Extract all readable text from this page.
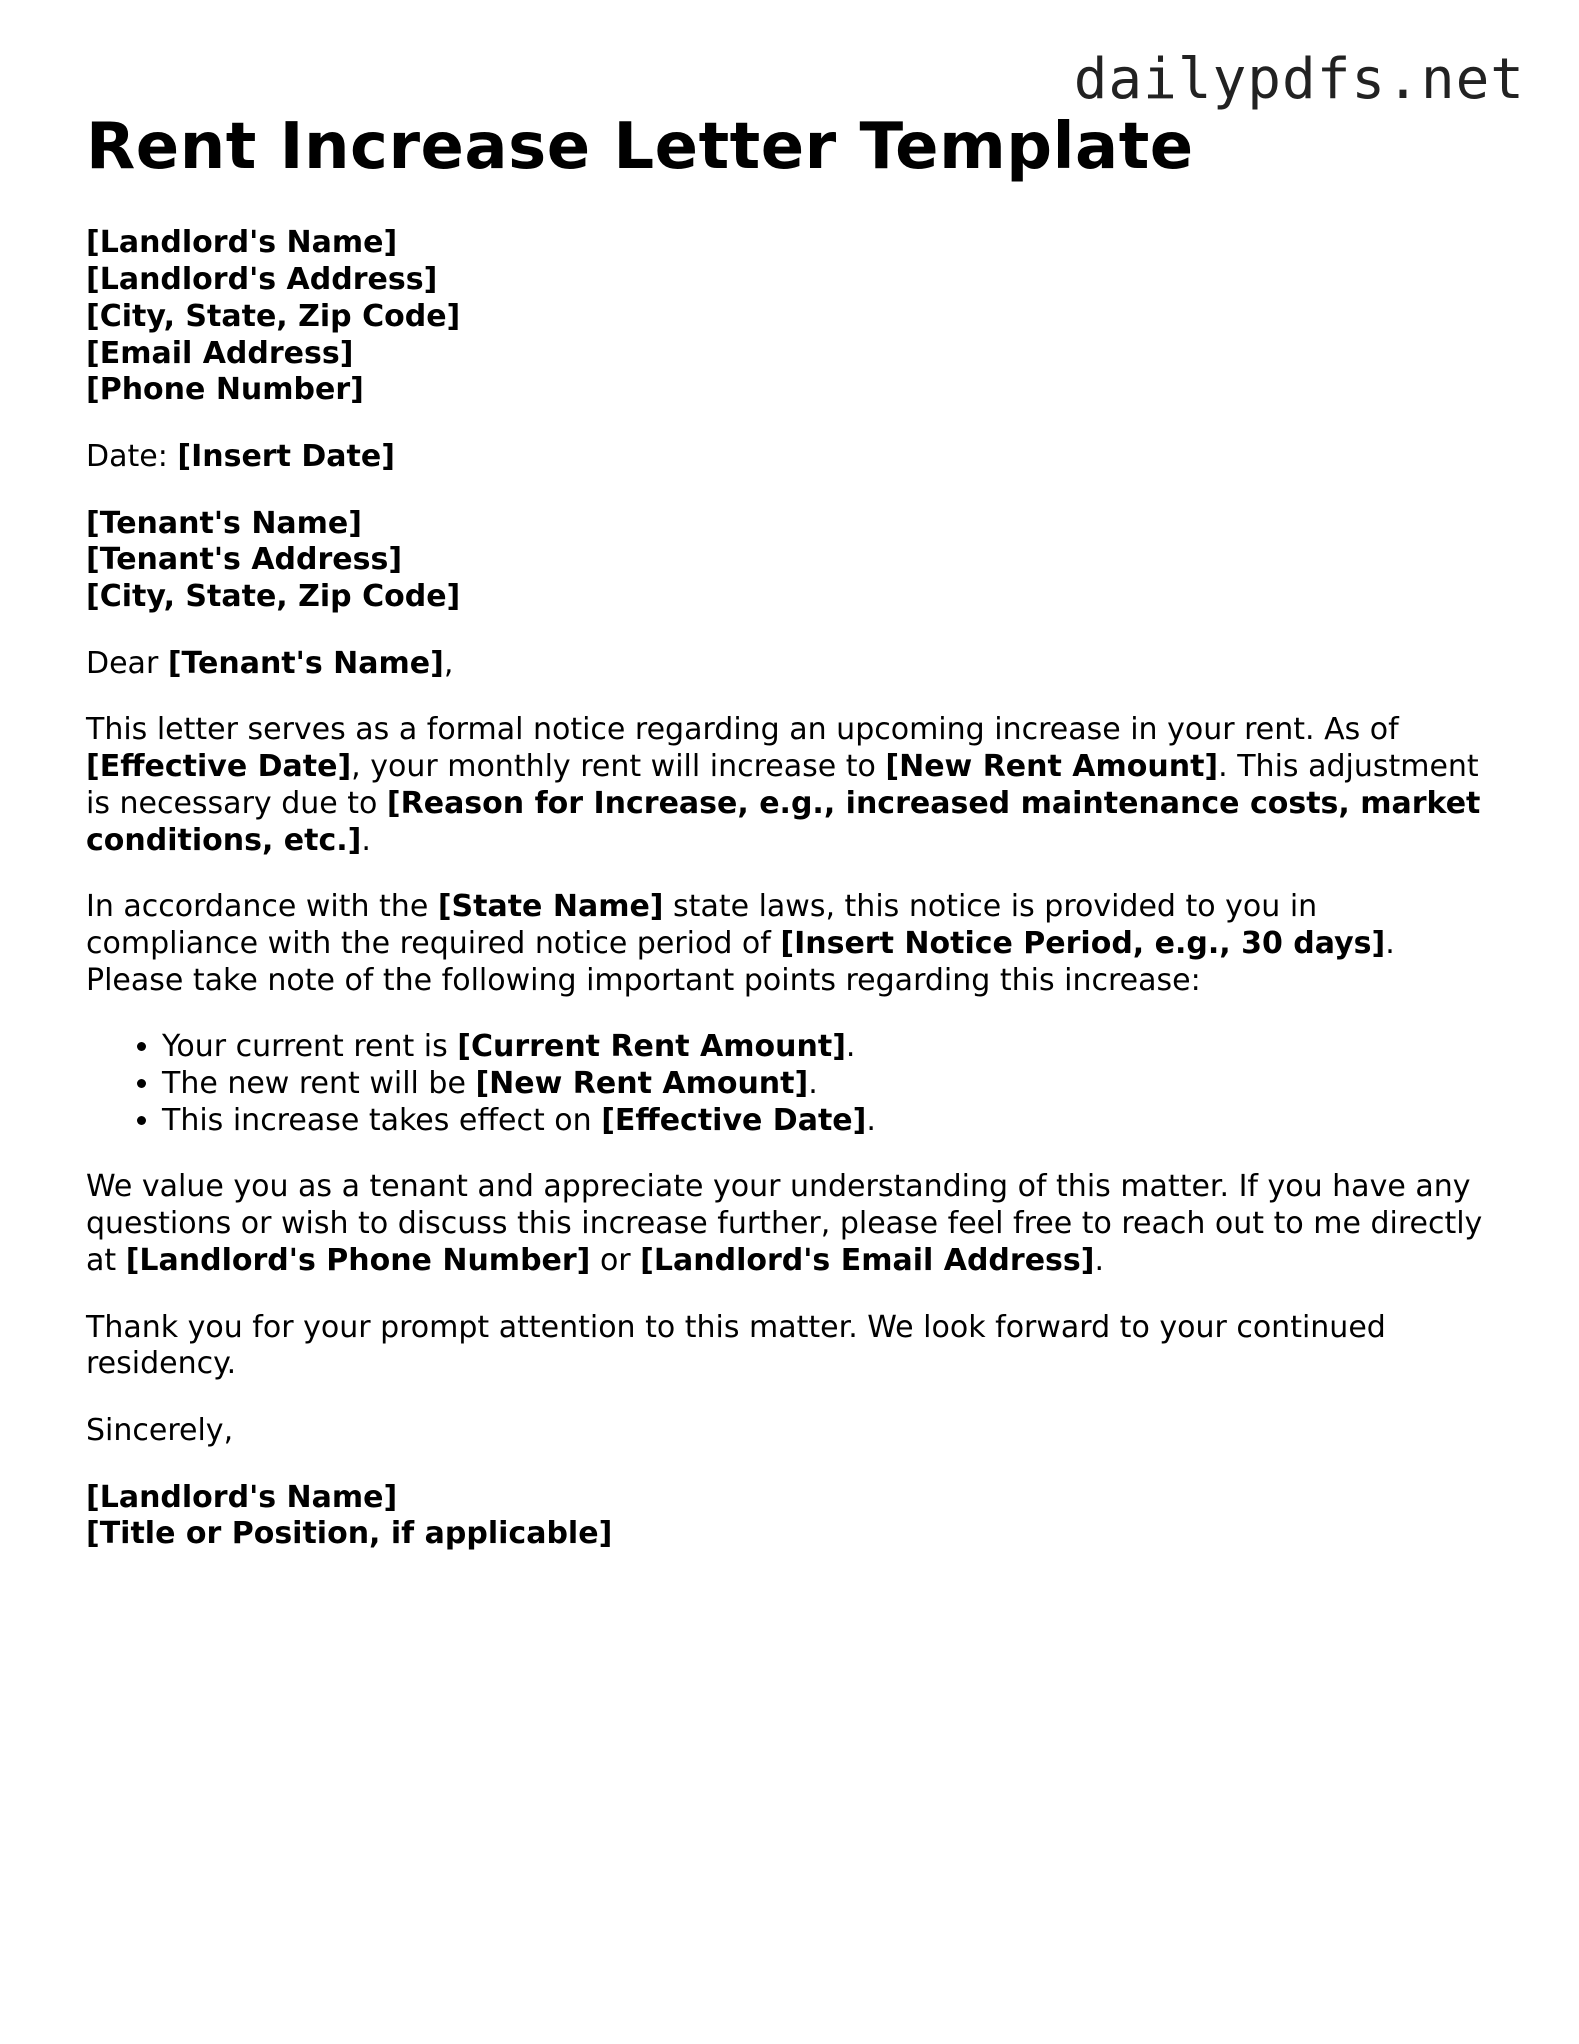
dailypdfs.net
Rent Increase Letter Template
[Landlord's Name]
[Landlord's Address]
[City, State, Zip Code]
[Email Address]
[Phone Number]

Date: [Insert Date]

[Tenant's Name]
[Tenant's Address]
[City, State, Zip Code]

Dear [Tenant's Name],

This letter serves as a formal notice regarding an upcoming increase in your rent. As of [Effective Date], your monthly rent will increase to [New Rent Amount]. This adjustment is necessary due to [Reason for Increase, e.g., increased maintenance costs, market conditions, etc.].

In accordance with the [State Name] state laws, this notice is provided to you in compliance with the required notice period of [Insert Notice Period, e.g., 30 days]. Please take note of the following important points regarding this increase:

• Your current rent is [Current Rent Amount].
• The new rent will be [New Rent Amount].
• This increase takes effect on [Effective Date].

We value you as a tenant and appreciate your understanding of this matter. If you have any questions or wish to discuss this increase further, please feel free to reach out to me directly at [Landlord's Phone Number] or [Landlord's Email Address].

Thank you for your prompt attention to this matter. We look forward to your continued residency.

Sincerely,

[Landlord's Name]
[Title or Position, if applicable]
